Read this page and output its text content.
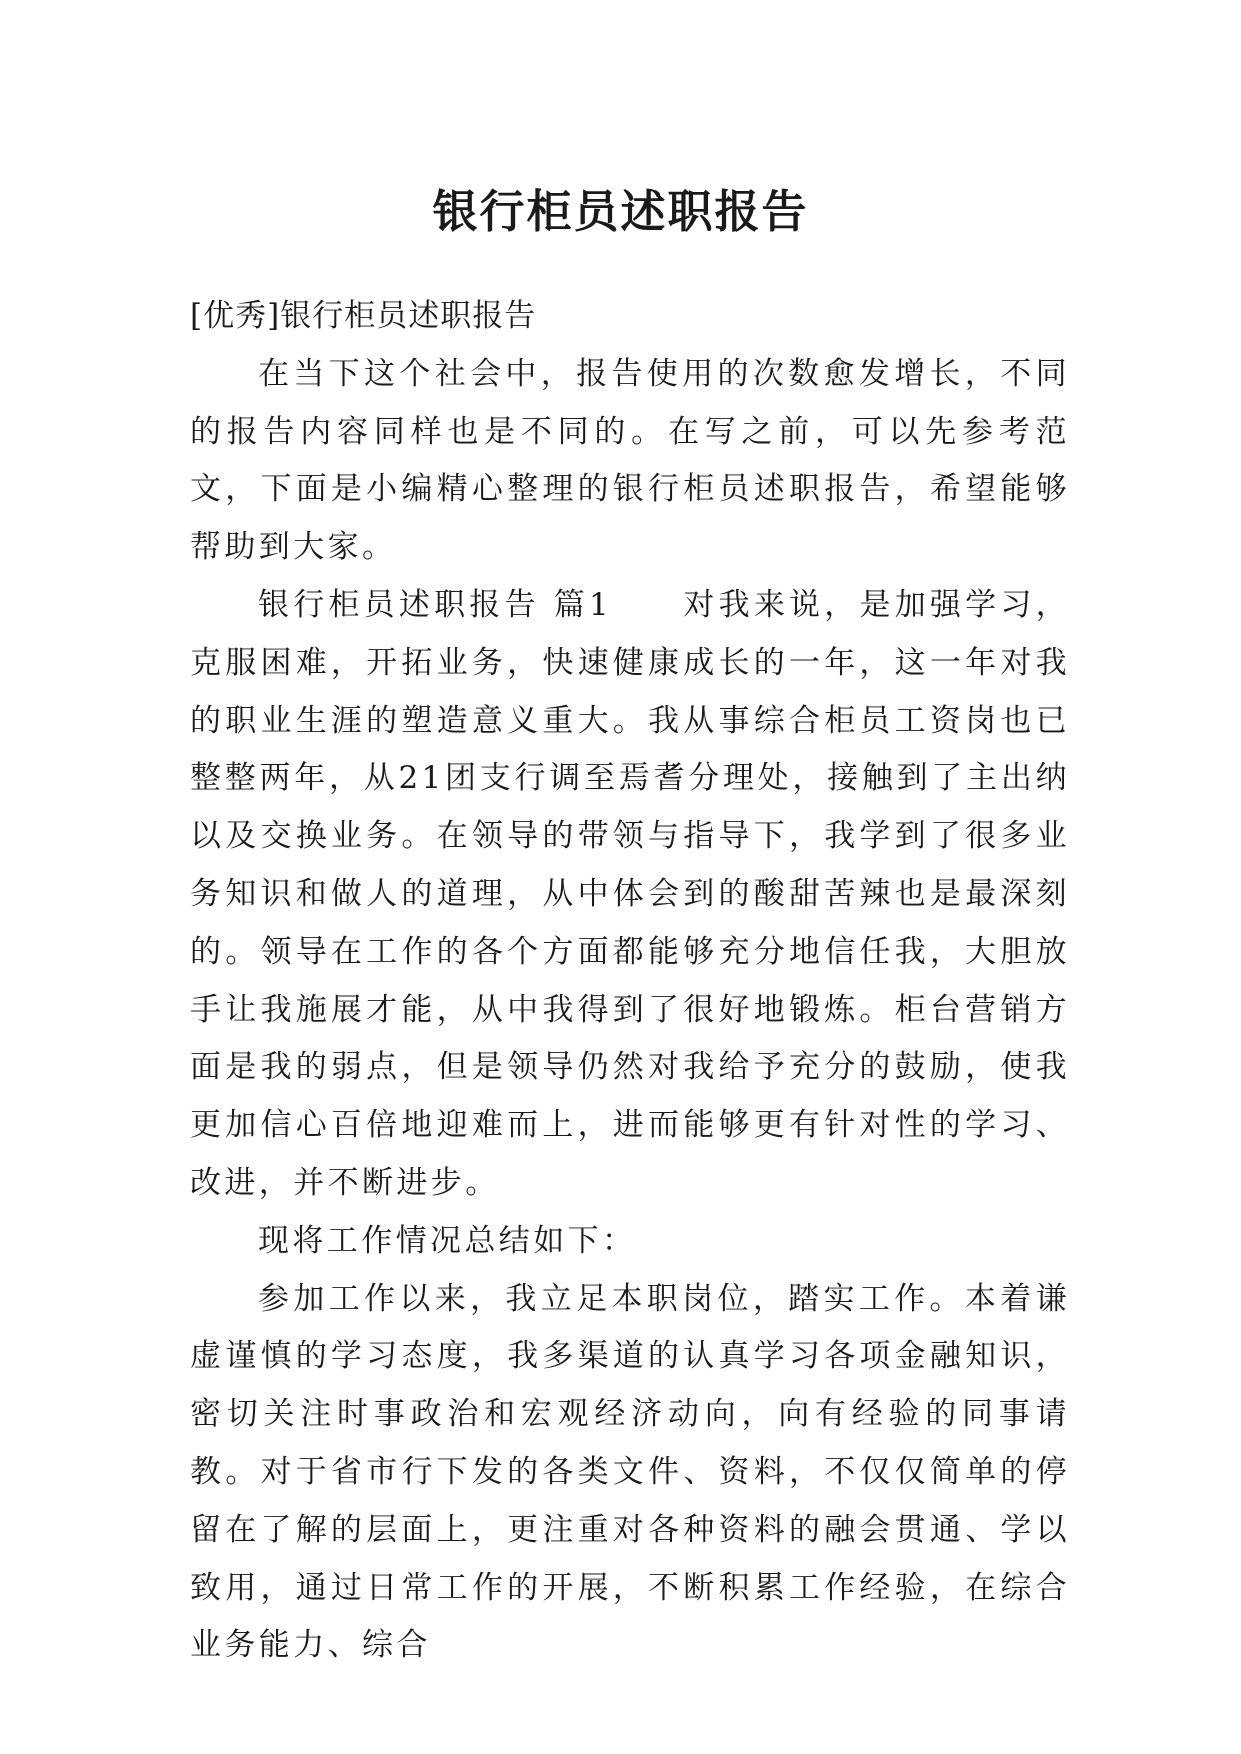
银行柜员述职报告

[优秀]银行柜员述职报告

在当下这个社会中，报告使用的次数愈发增长，不同的报告内容同样也是不同的。在写之前，可以先参考范文，下面是小编精心整理的银行柜员述职报告，希望能够帮助到大家。

银行柜员述职报告 篇1　　对我来说，是加强学习，克服困难，开拓业务，快速健康成长的一年，这一年对我的职业生涯的塑造意义重大。我从事综合柜员工资岗也已整整两年，从21团支行调至焉耆分理处，接触到了主出纳以及交换业务。在领导的带领与指导下，我学到了很多业务知识和做人的道理，从中体会到的酸甜苦辣也是最深刻的。领导在工作的各个方面都能够充分地信任我，大胆放手让我施展才能，从中我得到了很好地锻炼。柜台营销方面是我的弱点，但是领导仍然对我给予充分的鼓励，使我更加信心百倍地迎难而上，进而能够更有针对性的学习、改进，并不断进步。

现将工作情况总结如下：

参加工作以来，我立足本职岗位，踏实工作。本着谦虚谨慎的学习态度，我多渠道的认真学习各项金融知识，密切关注时事政治和宏观经济动向，向有经验的同事请教。对于省市行下发的各类文件、资料，不仅仅简单的停留在了解的层面上，更注重对各种资料的融会贯通、学以致用，通过日常工作的开展，不断积累工作经验，在综合业务能力、综合
